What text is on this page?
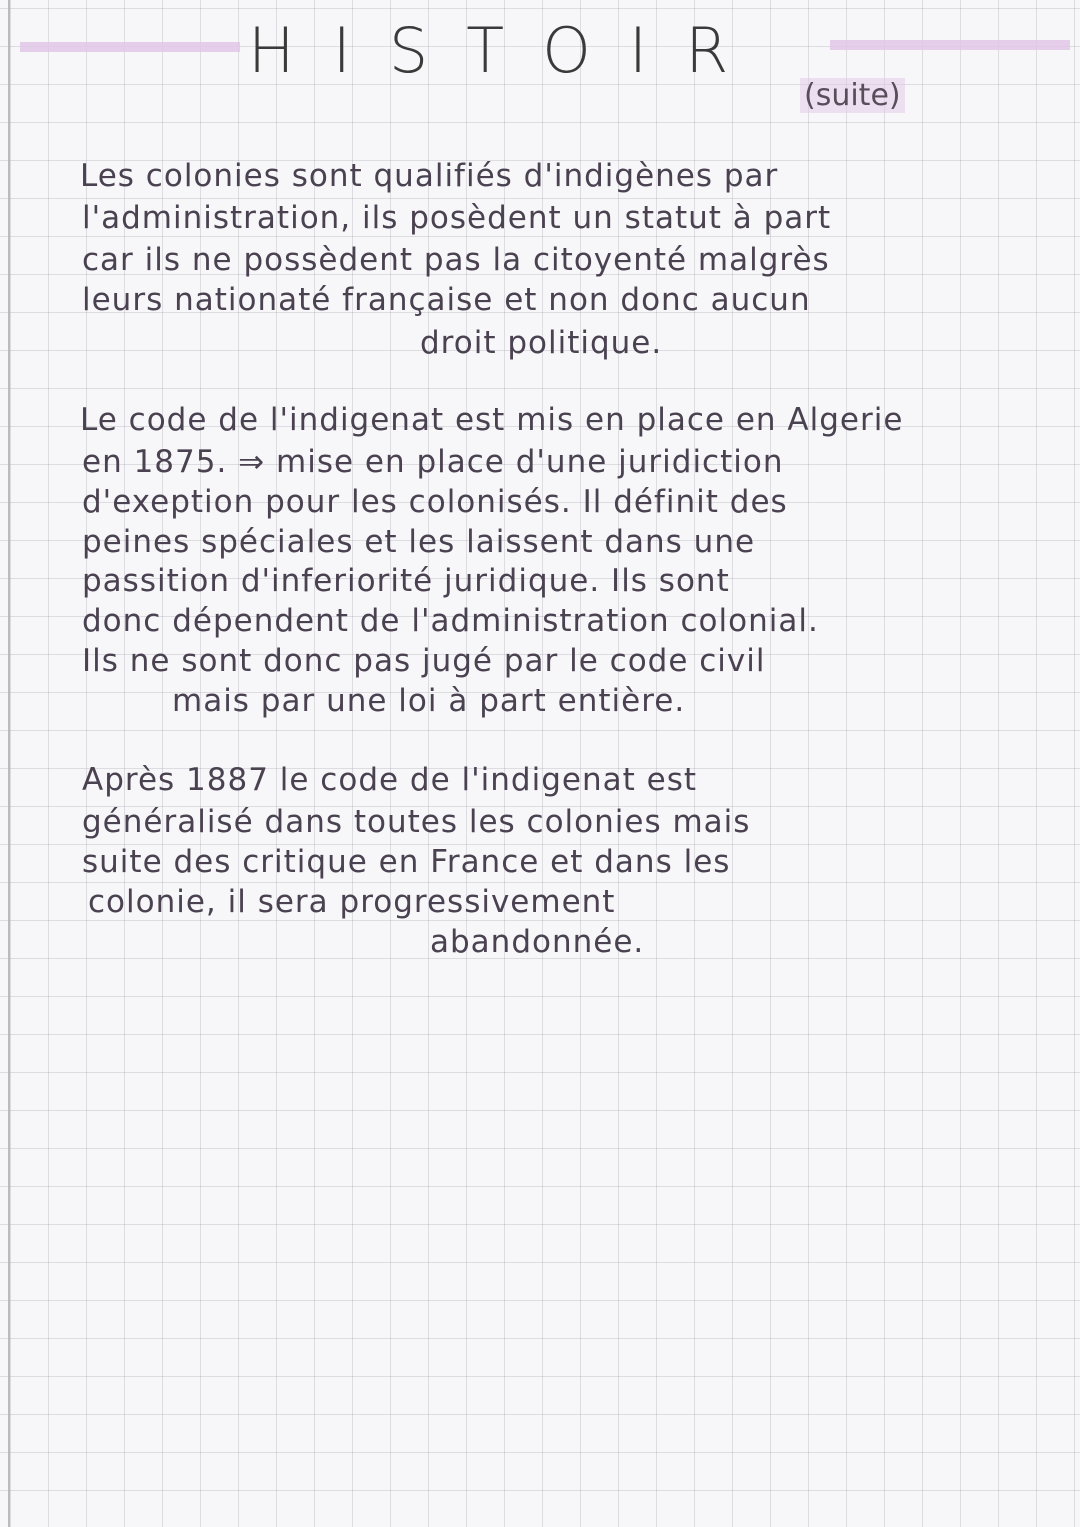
HISTOIR
(suite)
Les colonies sont qualifiés d'indigènes par
l'administration, ils posèdent un statut à part
car ils ne possèdent pas la citoyenté malgrès
leurs nationaté française et non donc aucun
droit politique.
Le code de l'indigenat est mis en place en Algerie
en 1875. ⇒ mise en place d'une juridiction
d'exeption pour les colonisés. Il définit des
peines spéciales et les laissent dans une
passition d'inferiorité juridique. Ils sont
donc dépendent de l'administration colonial.
Ils ne sont donc pas jugé par le code civil
mais par une loi à part entière.
Après 1887 le code de l'indigenat est
généralisé dans toutes les colonies mais
suite des critique en France et dans les
colonie, il sera progressivement
abandonnée.
